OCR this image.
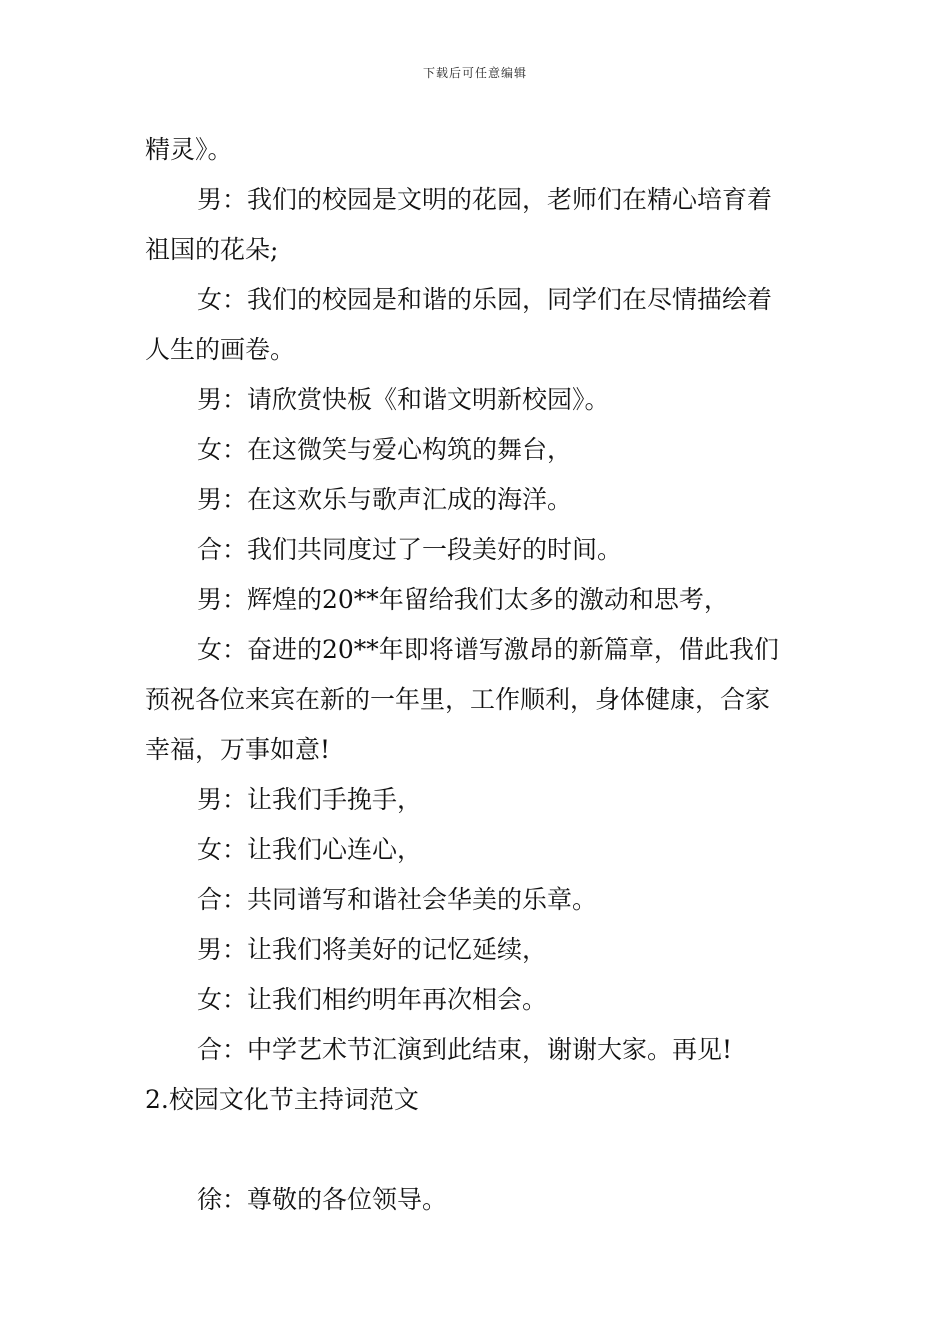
下载后可任意编辑

精灵》。

男：我们的校园是文明的花园，老师们在精心培育着

祖国的花朵;

女：我们的校园是和谐的乐园，同学们在尽情描绘着

人生的画卷。

男：请欣赏快板《和谐文明新校园》。

女：在这微笑与爱心构筑的舞台，

男：在这欢乐与歌声汇成的海洋。

合：我们共同度过了一段美好的时间。

男：辉煌的20**年留给我们太多的激动和思考，

女：奋进的20**年即将谱写激昂的新篇章，借此我们

预祝各位来宾在新的一年里，工作顺利，身体健康，合家

幸福，万事如意!

男：让我们手挽手，

女：让我们心连心，

合：共同谱写和谐社会华美的乐章。

男：让我们将美好的记忆延续，

女：让我们相约明年再次相会。

合：中学艺术节汇演到此结束，谢谢大家。再见!

2.校园文化节主持词范文

徐：尊敬的各位领导。
